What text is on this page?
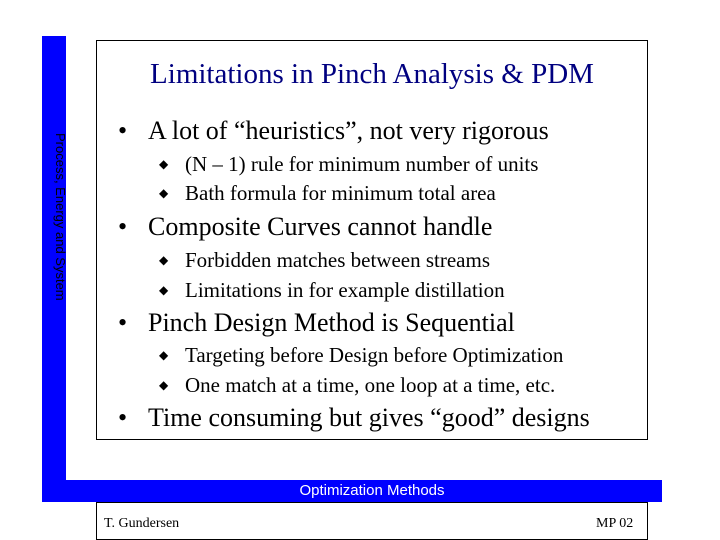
Process, Energy and System
Limitations in Pinch Analysis & PDM
• A lot of “heuristics”, not very rigorous
◆ (N – 1) rule for minimum number of units
◆ Bath formula for minimum total area
• Composite Curves cannot handle
◆ Forbidden matches between streams
◆ Limitations in for example distillation
• Pinch Design Method is Sequential
◆ Targeting before Design before Optimization
◆ One match at a time, one loop at a time, etc.
• Time consuming but gives “good” designs
Optimization Methods
T. Gundersen	MP 02
